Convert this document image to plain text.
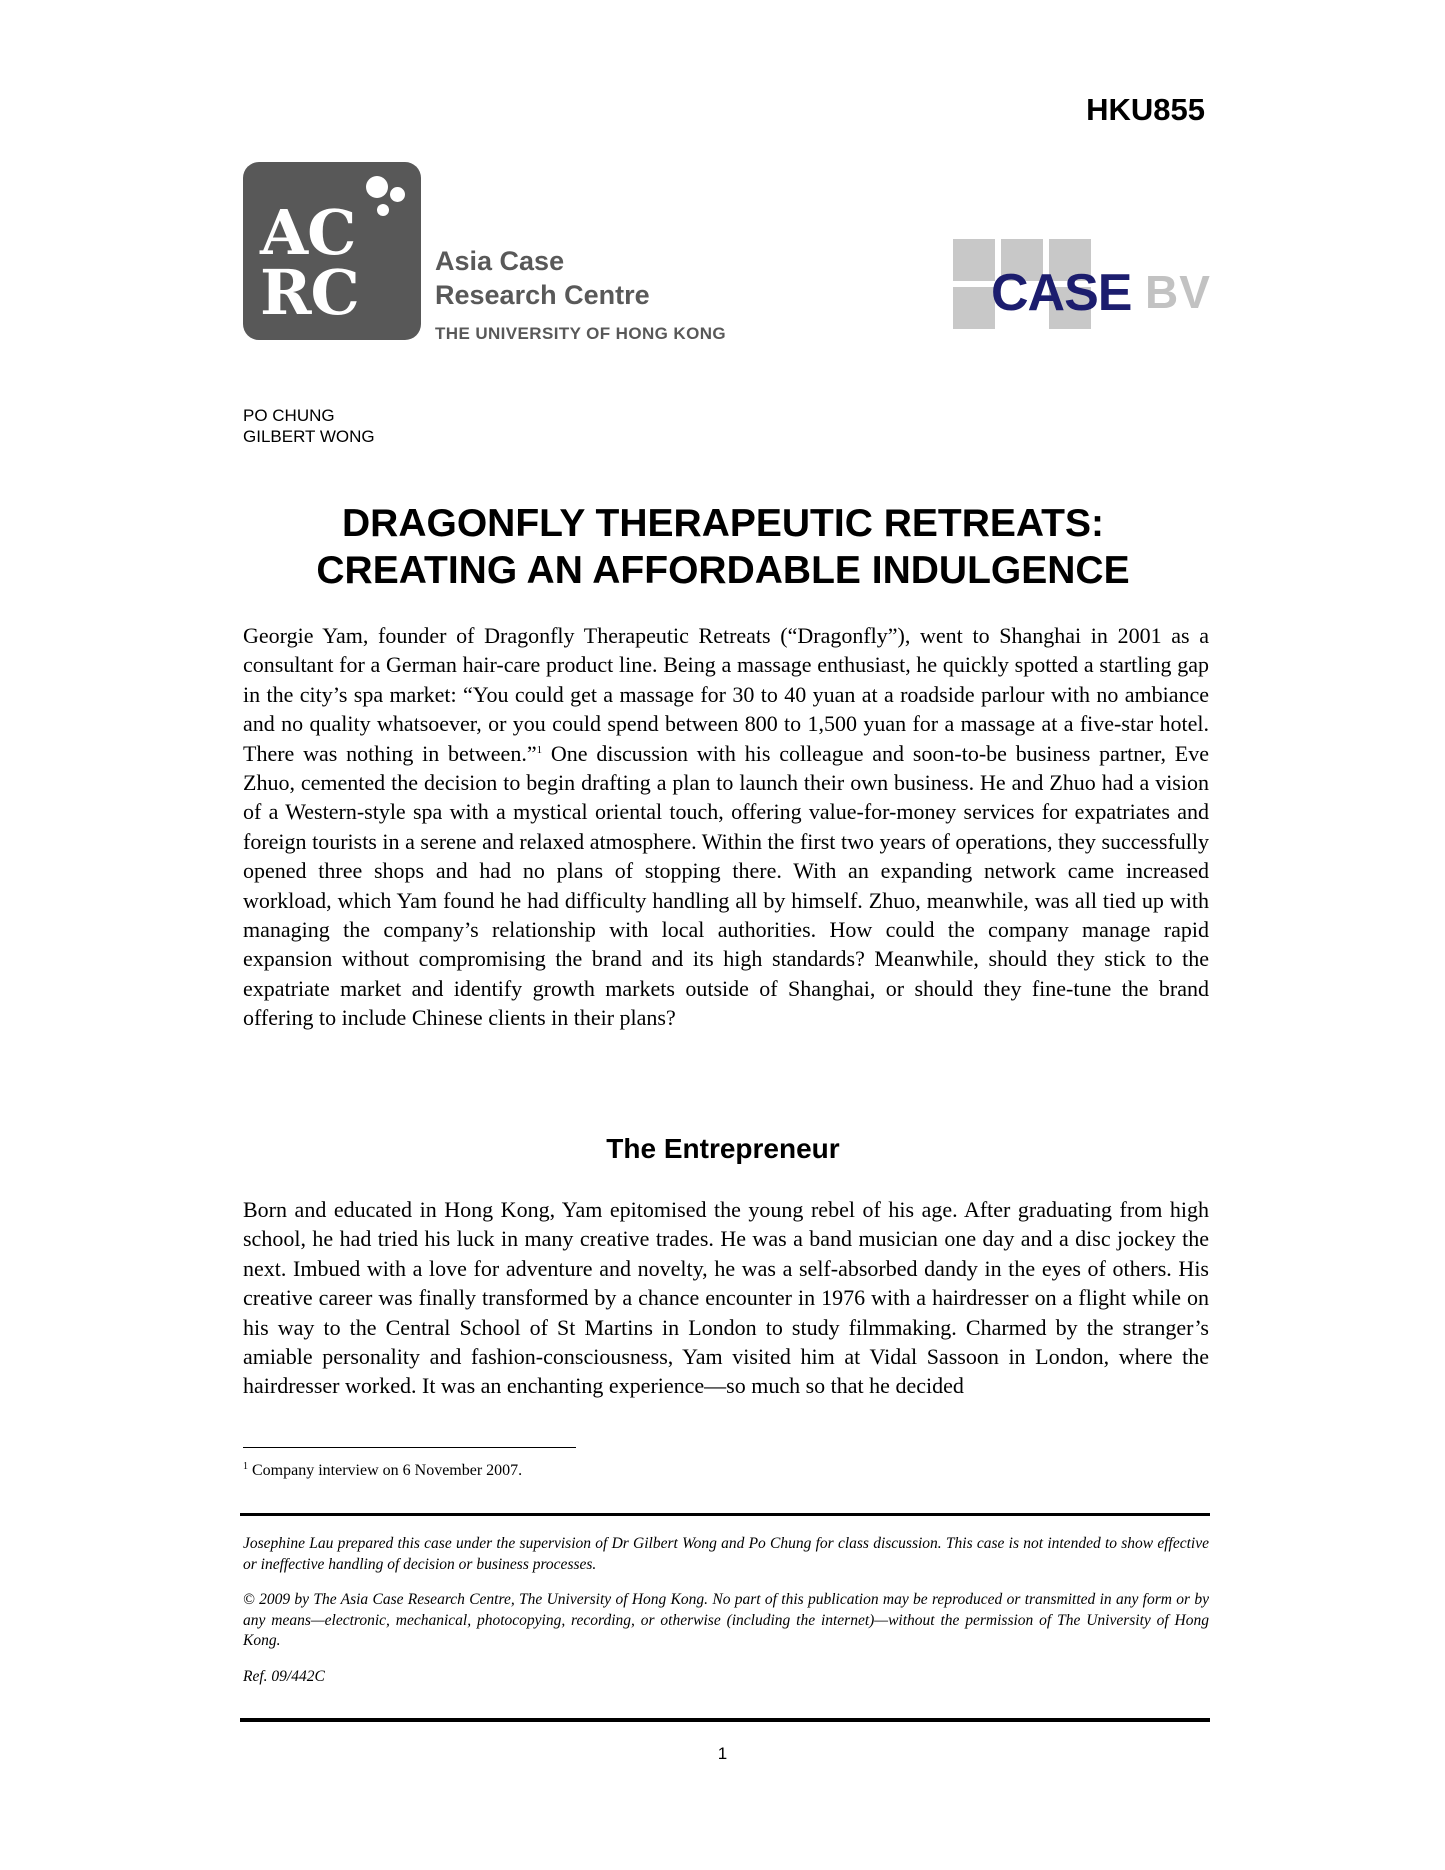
HKU855
AC
RC	Asia Case
Research Centre
THE UNIVERSITY OF HONG KONG
CASE BV
PO CHUNG
GILBERT WONG
DRAGONFLY THERAPEUTIC RETREATS:
CREATING AN AFFORDABLE INDULGENCE

Georgie Yam, founder of Dragonfly Therapeutic Retreats (“Dragonfly”), went to Shanghai in 2001 as a consultant for a German hair-care product line. Being a massage enthusiast, he quickly spotted a startling gap in the city’s spa market: “You could get a massage for 30 to 40 yuan at a roadside parlour with no ambiance and no quality whatsoever, or you could spend between 800 to 1,500 yuan for a massage at a five-star hotel. There was nothing in between.”$^1$ One discussion with his colleague and soon-to-be business partner, Eve Zhuo, cemented the decision to begin drafting a plan to launch their own business. He and Zhuo had a vision of a Western-style spa with a mystical oriental touch, offering value-for-money services for expatriates and foreign tourists in a serene and relaxed atmosphere. Within the first two years of operations, they successfully opened three shops and had no plans of stopping there. With an expanding network came increased workload, which Yam found he had difficulty handling all by himself. Zhuo, meanwhile, was all tied up with managing the company’s relationship with local authorities. How could the company manage rapid expansion without compromising the brand and its high standards? Meanwhile, should they stick to the expatriate market and identify growth markets outside of Shanghai, or should they fine-tune the brand offering to include Chinese clients in their plans?

The Entrepreneur

Born and educated in Hong Kong, Yam epitomised the young rebel of his age. After graduating from high school, he had tried his luck in many creative trades. He was a band musician one day and a disc jockey the next. Imbued with a love for adventure and novelty, he was a self-absorbed dandy in the eyes of others. His creative career was finally transformed by a chance encounter in 1976 with a hairdresser on a flight while on his way to the Central School of St Martins in London to study filmmaking. Charmed by the stranger’s amiable personality and fashion-consciousness, Yam visited him at Vidal Sassoon in London, where the hairdresser worked. It was an enchanting experience—so much so that he decided

$^1$ Company interview on 6 November 2007.

Josephine Lau prepared this case under the supervision of Dr Gilbert Wong and Po Chung for class discussion. This case is not intended to show effective or ineffective handling of decision or business processes.

© 2009 by The Asia Case Research Centre, The University of Hong Kong. No part of this publication may be reproduced or transmitted in any form or by any means—electronic, mechanical, photocopying, recording, or otherwise (including the internet)—without the permission of The University of Hong Kong.

Ref. 09/442C

1
